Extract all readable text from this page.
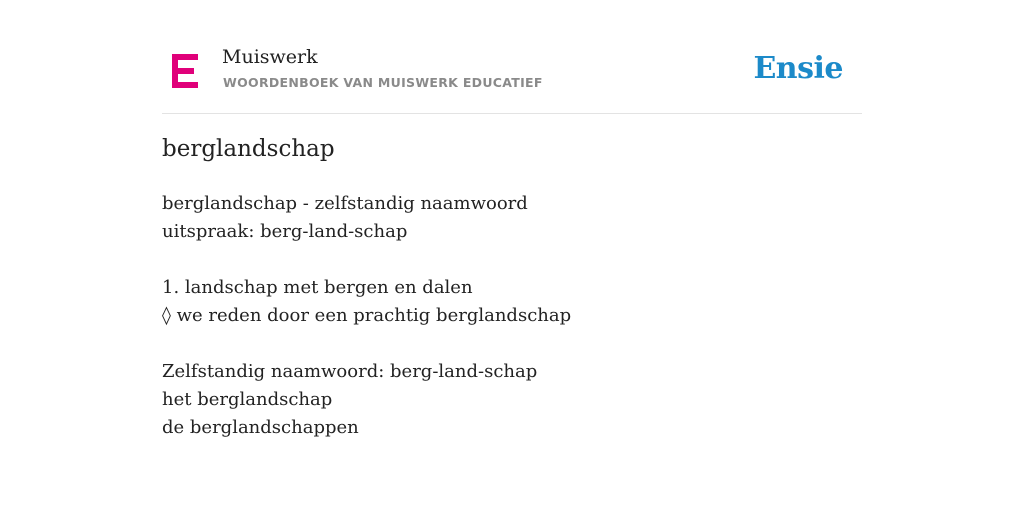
Muiswerk
WOORDENBOEK VAN MUISWERK EDUCATIEF	Ensie
berglandschap
berglandschap - zelfstandig naamwoord
uitspraak: berg-land-schap
1. landschap met bergen en dalen
◊ we reden door een prachtig berglandschap
Zelfstandig naamwoord: berg-land-schap
het berglandschap
de berglandschappen
